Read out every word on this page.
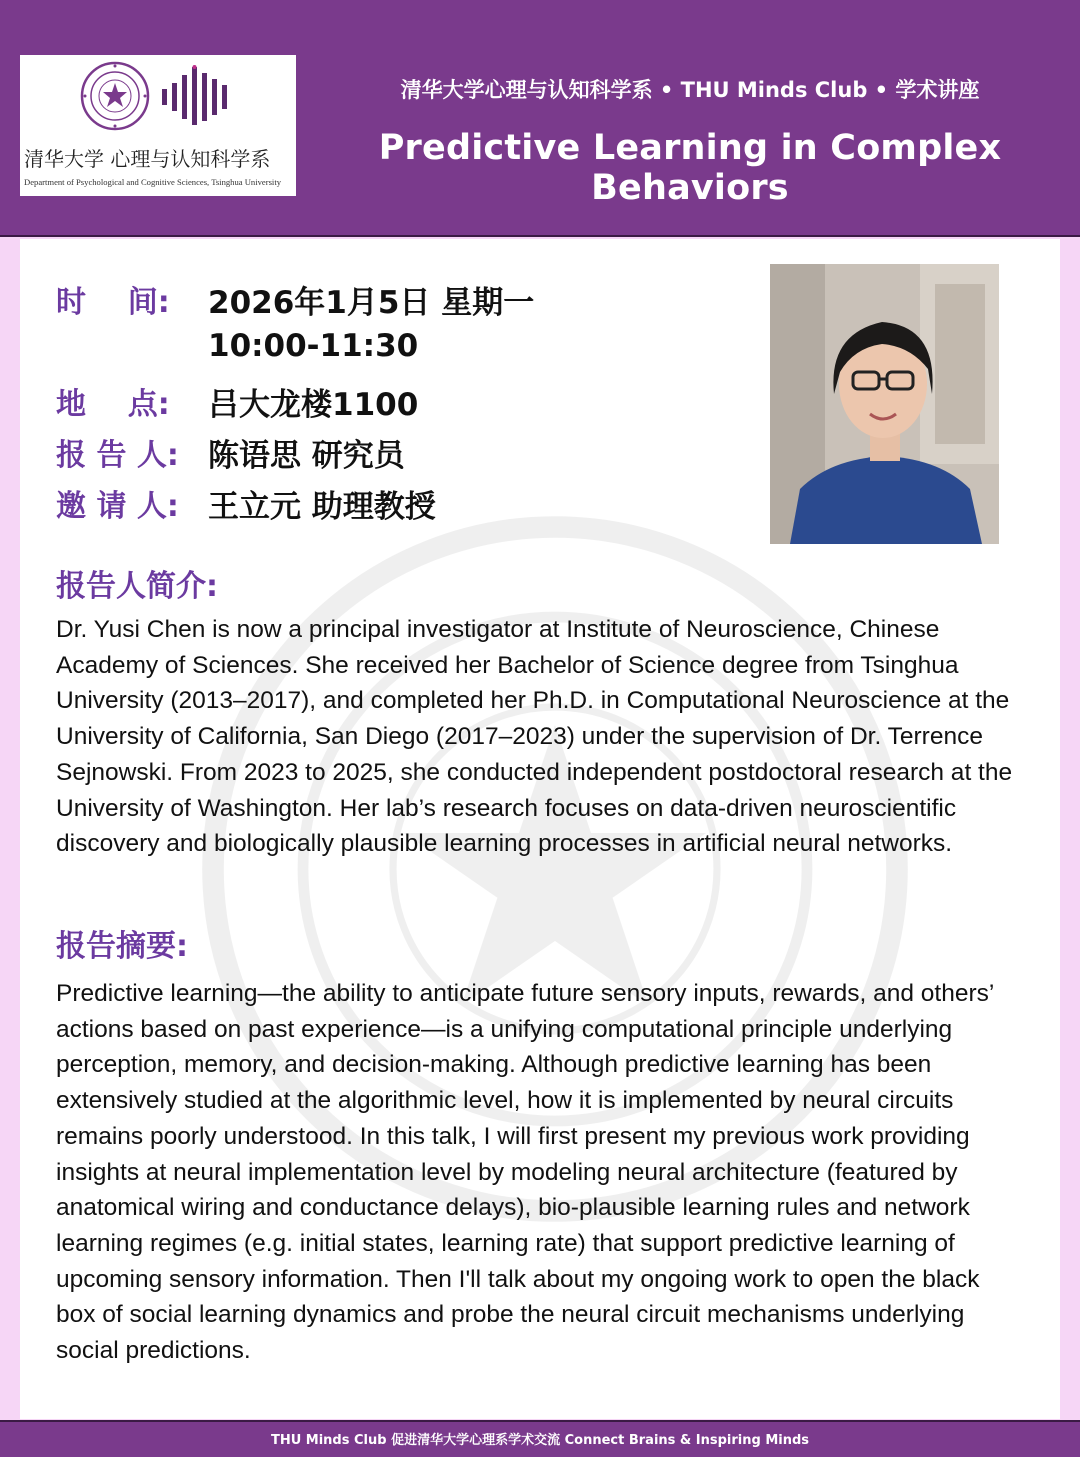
清华大学 心理与认知科学系
Department of Psychological and Cognitive Sciences, Tsinghua University
清华大学心理与认知科学系 • THU Minds Club • 学术讲座
Predictive Learning in Complex Behaviors
时    间: 2026年1月5日 星期一
10:00-11:30
地    点: 吕大龙楼1100
报 告 人: 陈语思 研究员
邀 请 人: 王立元 助理教授
报告人简介:
Dr. Yusi Chen is now a principal investigator at Institute of Neuroscience, Chinese Academy of Sciences. She received her Bachelor of Science degree from Tsinghua University (2013–2017), and completed her Ph.D. in Computational Neuroscience at the University of California, San Diego (2017–2023) under the supervision of Dr. Terrence Sejnowski. From 2023 to 2025, she conducted independent postdoctoral research at the University of Washington. Her lab’s research focuses on data-driven neuroscientific discovery and biologically plausible learning processes in artificial neural networks.
报告摘要:
Predictive learning—the ability to anticipate future sensory inputs, rewards, and others’ actions based on past experience—is a unifying computational principle underlying perception, memory, and decision-making. Although predictive learning has been extensively studied at the algorithmic level, how it is implemented by neural circuits remains poorly understood. In this talk, I will first present my previous work providing insights at neural implementation level by modeling neural architecture (featured by anatomical wiring and conductance delays), bio-plausible learning rules and network learning regimes (e.g. initial states, learning rate) that support predictive learning of upcoming sensory information. Then I'll talk about my ongoing work to open the black box of social learning dynamics and probe the neural circuit mechanisms underlying social predictions.
THU Minds Club 促进清华大学心理系学术交流 Connect Brains & Inspiring Minds
